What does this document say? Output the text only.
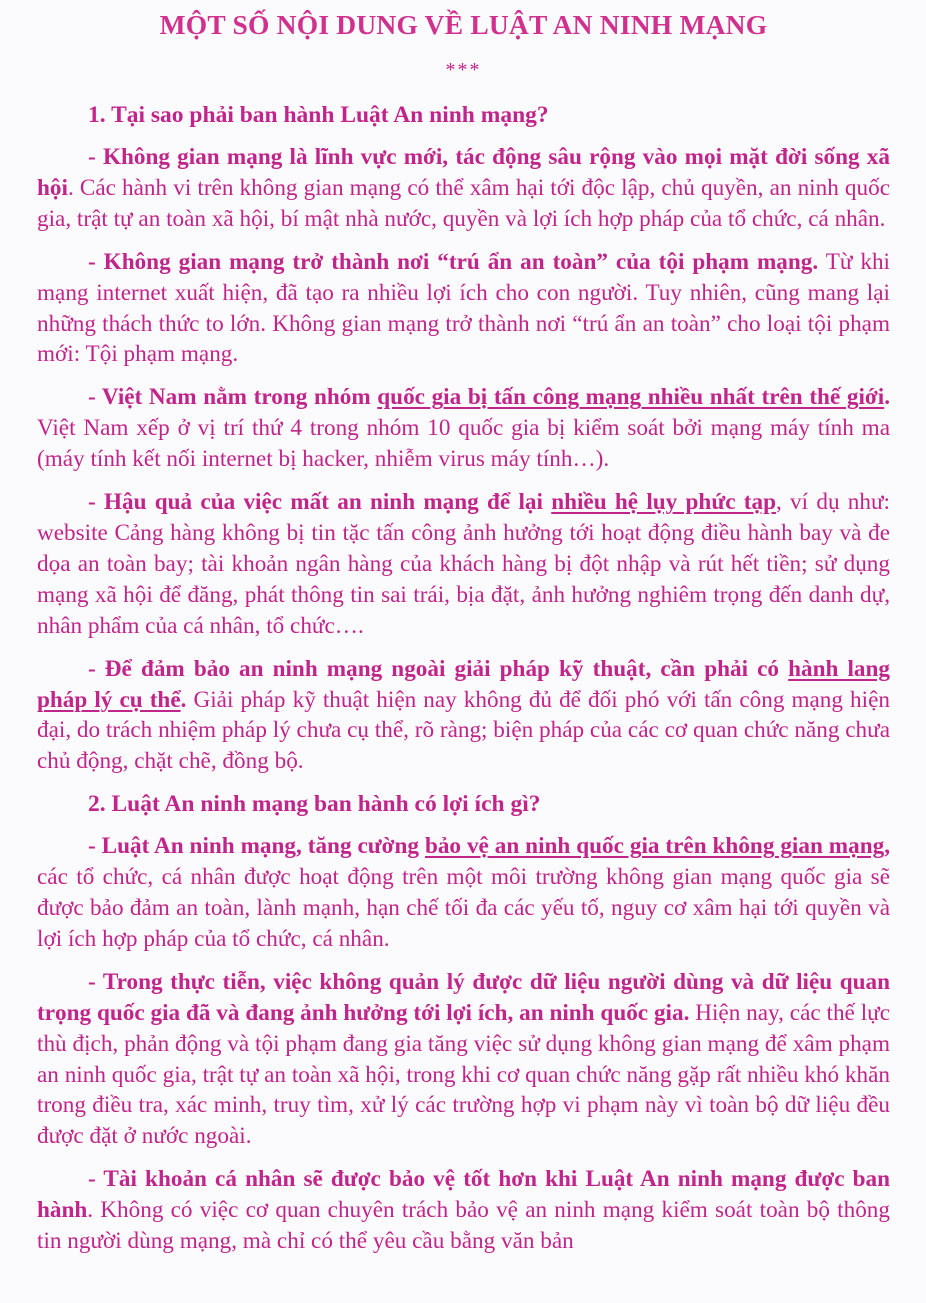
MỘT SỐ NỘI DUNG VỀ LUẬT AN NINH MẠNG
***
1. Tại sao phải ban hành Luật An ninh mạng?
- Không gian mạng là lĩnh vực mới, tác động sâu rộng vào mọi mặt đời sống xã hội. Các hành vi trên không gian mạng có thể xâm hại tới độc lập, chủ quyền, an ninh quốc gia, trật tự an toàn xã hội, bí mật nhà nước, quyền và lợi ích hợp pháp của tổ chức, cá nhân.
- Không gian mạng trở thành nơi “trú ẩn an toàn” của tội phạm mạng. Từ khi mạng internet xuất hiện, đã tạo ra nhiều lợi ích cho con người. Tuy nhiên, cũng mang lại những thách thức to lớn. Không gian mạng trở thành nơi “trú ẩn an toàn” cho loại tội phạm mới: Tội phạm mạng.
- Việt Nam nằm trong nhóm quốc gia bị tấn công mạng nhiều nhất trên thế giới. Việt Nam xếp ở vị trí thứ 4 trong nhóm 10 quốc gia bị kiểm soát bởi mạng máy tính ma (máy tính kết nối internet bị hacker, nhiễm virus máy tính…).
- Hậu quả của việc mất an ninh mạng để lại nhiều hệ lụy phức tạp, ví dụ như: website Cảng hàng không bị tin tặc tấn công ảnh hưởng tới hoạt động điều hành bay và đe dọa an toàn bay; tài khoản ngân hàng của khách hàng bị đột nhập và rút hết tiền; sử dụng mạng xã hội để đăng, phát thông tin sai trái, bịa đặt, ảnh hưởng nghiêm trọng đến danh dự, nhân phẩm của cá nhân, tổ chức….
- Để đảm bảo an ninh mạng ngoài giải pháp kỹ thuật, cần phải có hành lang pháp lý cụ thể. Giải pháp kỹ thuật hiện nay không đủ để đối phó với tấn công mạng hiện đại, do trách nhiệm pháp lý chưa cụ thể, rõ ràng; biện pháp của các cơ quan chức năng chưa chủ động, chặt chẽ, đồng bộ.
2. Luật An ninh mạng ban hành có lợi ích gì?
- Luật An ninh mạng, tăng cường bảo vệ an ninh quốc gia trên không gian mạng, các tổ chức, cá nhân được hoạt động trên một môi trường không gian mạng quốc gia sẽ được bảo đảm an toàn, lành mạnh, hạn chế tối đa các yếu tố, nguy cơ xâm hại tới quyền và lợi ích hợp pháp của tổ chức, cá nhân.
- Trong thực tiễn, việc không quản lý được dữ liệu người dùng và dữ liệu quan trọng quốc gia đã và đang ảnh hưởng tới lợi ích, an ninh quốc gia. Hiện nay, các thế lực thù địch, phản động và tội phạm đang gia tăng việc sử dụng không gian mạng để xâm phạm an ninh quốc gia, trật tự an toàn xã hội, trong khi cơ quan chức năng gặp rất nhiều khó khăn trong điều tra, xác minh, truy tìm, xử lý các trường hợp vi phạm này vì toàn bộ dữ liệu đều được đặt ở nước ngoài.
- Tài khoản cá nhân sẽ được bảo vệ tốt hơn khi Luật An ninh mạng được ban hành. Không có việc cơ quan chuyên trách bảo vệ an ninh mạng kiểm soát toàn bộ thông tin người dùng mạng, mà chỉ có thể yêu cầu bằng văn bản
